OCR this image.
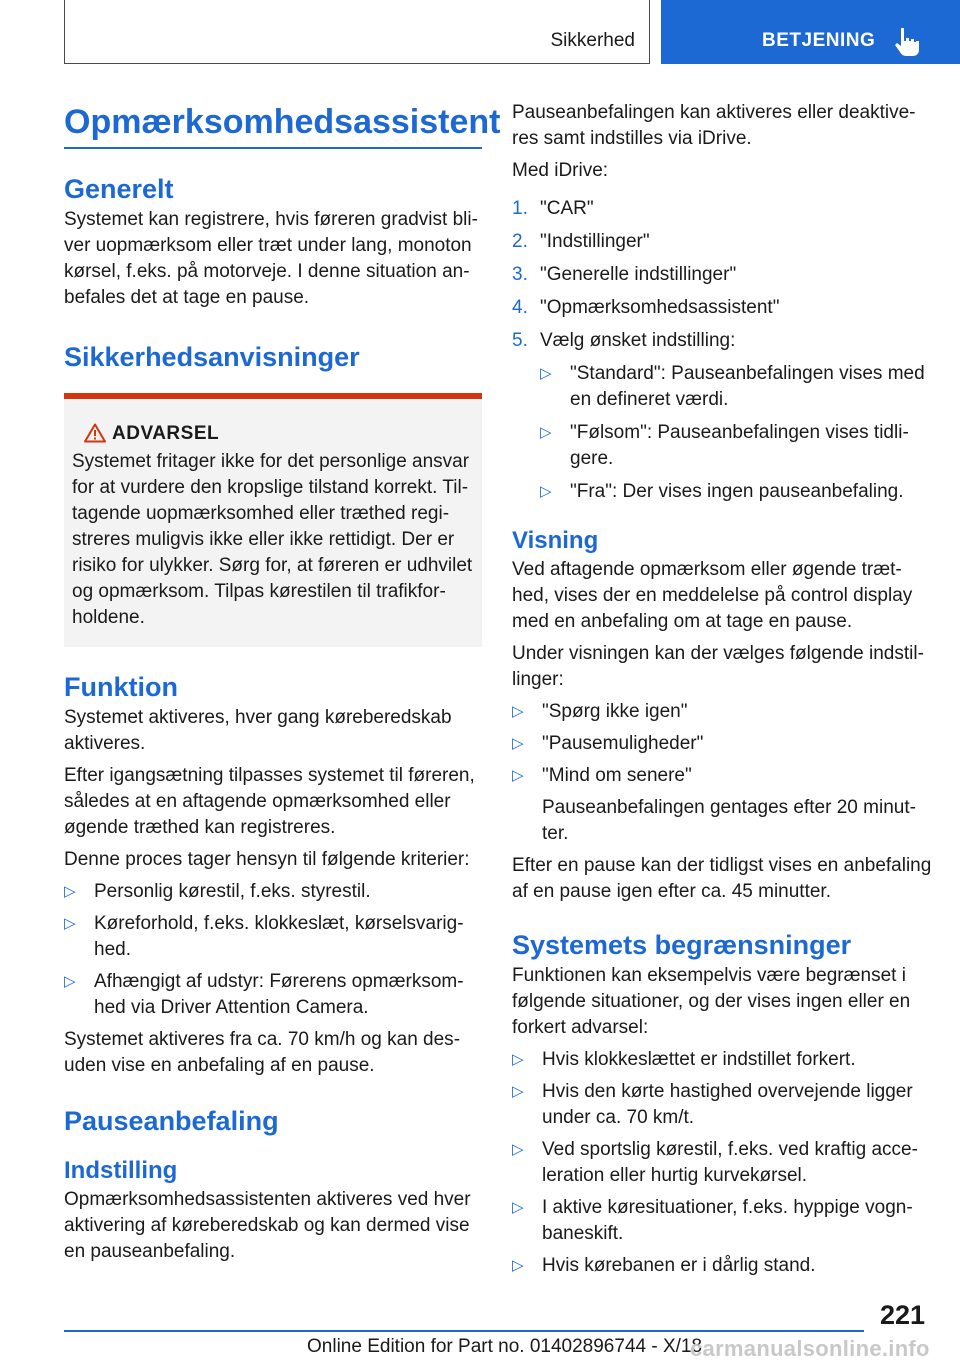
Sikkerhed	BETJENING
Opmærksomhedsassistent
Generelt
Systemet kan registrere, hvis føreren gradvist bliver uopmærksom eller træt under lang, monoton kørsel, f.eks. på motorveje. I denne situation anbefales det at tage en pause.
Sikkerhedsanvisninger
ADVARSEL
Systemet fritager ikke for det personlige ansvar for at vurdere den kropslige tilstand korrekt. Tiltagende uopmærksomhed eller træthed registreres muligvis ikke eller ikke rettidigt. Der er risiko for ulykker. Sørg for, at føreren er udhvilet og opmærksom. Tilpas kørestilen til trafikforholdene.
Funktion
Systemet aktiveres, hver gang køreberedskab aktiveres.
Efter igangsætning tilpasses systemet til føreren, således at en aftagende opmærksomhed eller øgende træthed kan registreres.
Denne proces tager hensyn til følgende kriterier:
▷ Personlig kørestil, f.eks. styrestil.
▷ Køreforhold, f.eks. klokkeslæt, kørselsvarighed.
▷ Afhængigt af udstyr: Førerens opmærksomhed via Driver Attention Camera.
Systemet aktiveres fra ca. 70 km/h og kan desuden vise en anbefaling af en pause.
Pauseanbefaling
Indstilling
Opmærksomhedsassistenten aktiveres ved hver aktivering af køreberedskab og kan dermed vise en pauseanbefaling.
Pauseanbefalingen kan aktiveres eller deaktiveres samt indstilles via iDrive.
Med iDrive:
1. "CAR"
2. "Indstillinger"
3. "Generelle indstillinger"
4. "Opmærksomhedsassistent"
5. Vælg ønsket indstilling:
▷ "Standard": Pauseanbefalingen vises med en defineret værdi.
▷ "Følsom": Pauseanbefalingen vises tidligere.
▷ "Fra": Der vises ingen pauseanbefaling.
Visning
Ved aftagende opmærksom eller øgende træthed, vises der en meddelelse på control display med en anbefaling om at tage en pause.
Under visningen kan der vælges følgende indstillinger:
▷ "Spørg ikke igen"
▷ "Pausemuligheder"
▷ "Mind om senere"
Pauseanbefalingen gentages efter 20 minutter.
Efter en pause kan der tidligst vises en anbefaling af en pause igen efter ca. 45 minutter.
Systemets begrænsninger
Funktionen kan eksempelvis være begrænset i følgende situationer, og der vises ingen eller en forkert advarsel:
▷ Hvis klokkeslættet er indstillet forkert.
▷ Hvis den kørte hastighed overvejende ligger under ca. 70 km/t.
▷ Ved sportslig kørestil, f.eks. ved kraftig acceleration eller hurtig kurvekørsel.
▷ I aktive køresituationer, f.eks. hyppige vognbaneskift.
▷ Hvis kørebanen er i dårlig stand.
221
Online Edition for Part no. 01402896744 - X/18
carmanualsonline.info
